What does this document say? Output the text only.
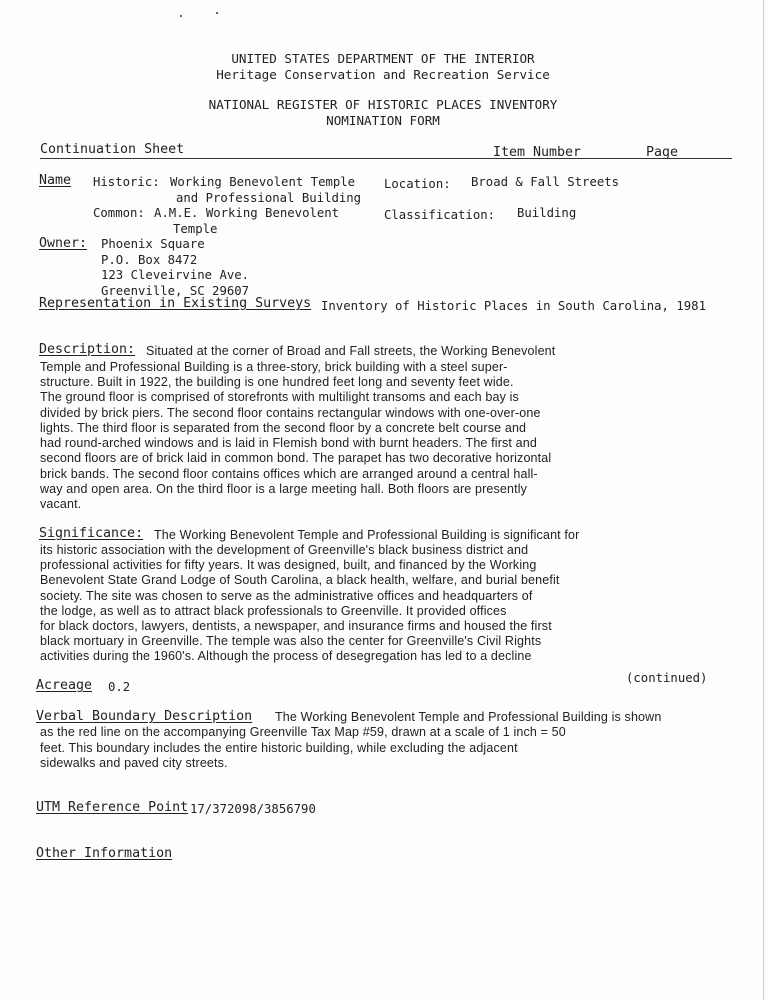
UNITED STATES DEPARTMENT OF THE INTERIOR
Heritage Conservation and Recreation Service
NATIONAL REGISTER OF HISTORIC PLACES INVENTORY
NOMINATION FORM
Continuation Sheet	Item Number	Page
Name Historic: Working Benevolent Temple
and Professional Building
Common: A.M.E. Working Benevolent
Temple
Location: Broad & Fall Streets
Classification: Building
Owner: Phoenix Square
P.O. Box 8472
123 Cleveirvine Ave.
Greenville, SC 29607
Representation in Existing Surveys Inventory of Historic Places in South Carolina, 1981
Description: Situated at the corner of Broad and Fall streets, the Working Benevolent
Temple and Professional Building is a three-story, brick building with a steel super-
structure. Built in 1922, the building is one hundred feet long and seventy feet wide.
The ground floor is comprised of storefronts with multilight transoms and each bay is
divided by brick piers. The second floor contains rectangular windows with one-over-one
lights. The third floor is separated from the second floor by a concrete belt course and
had round-arched windows and is laid in Flemish bond with burnt headers. The first and
second floors are of brick laid in common bond. The parapet has two decorative horizontal
brick bands. The second floor contains offices which are arranged around a central hall-
way and open area. On the third floor is a large meeting hall. Both floors are presently
vacant.
Significance: The Working Benevolent Temple and Professional Building is significant for
its historic association with the development of Greenville's black business district and
professional activities for fifty years. It was designed, built, and financed by the Working
Benevolent State Grand Lodge of South Carolina, a black health, welfare, and burial benefit
society. The site was chosen to serve as the administrative offices and headquarters of
the lodge, as well as to attract black professionals to Greenville. It provided offices
for black doctors, lawyers, dentists, a newspaper, and insurance firms and housed the first
black mortuary in Greenville. The temple was also the center for Greenville's Civil Rights
activities during the 1960's. Although the process of desegregation has led to a decline
(continued)
Acreage 0.2
Verbal Boundary Description The Working Benevolent Temple and Professional Building is shown
as the red line on the accompanying Greenville Tax Map #59, drawn at a scale of 1 inch = 50
feet. This boundary includes the entire historic building, while excluding the adjacent
sidewalks and paved city streets.
UTM Reference Point 17/372098/3856790
Other Information
